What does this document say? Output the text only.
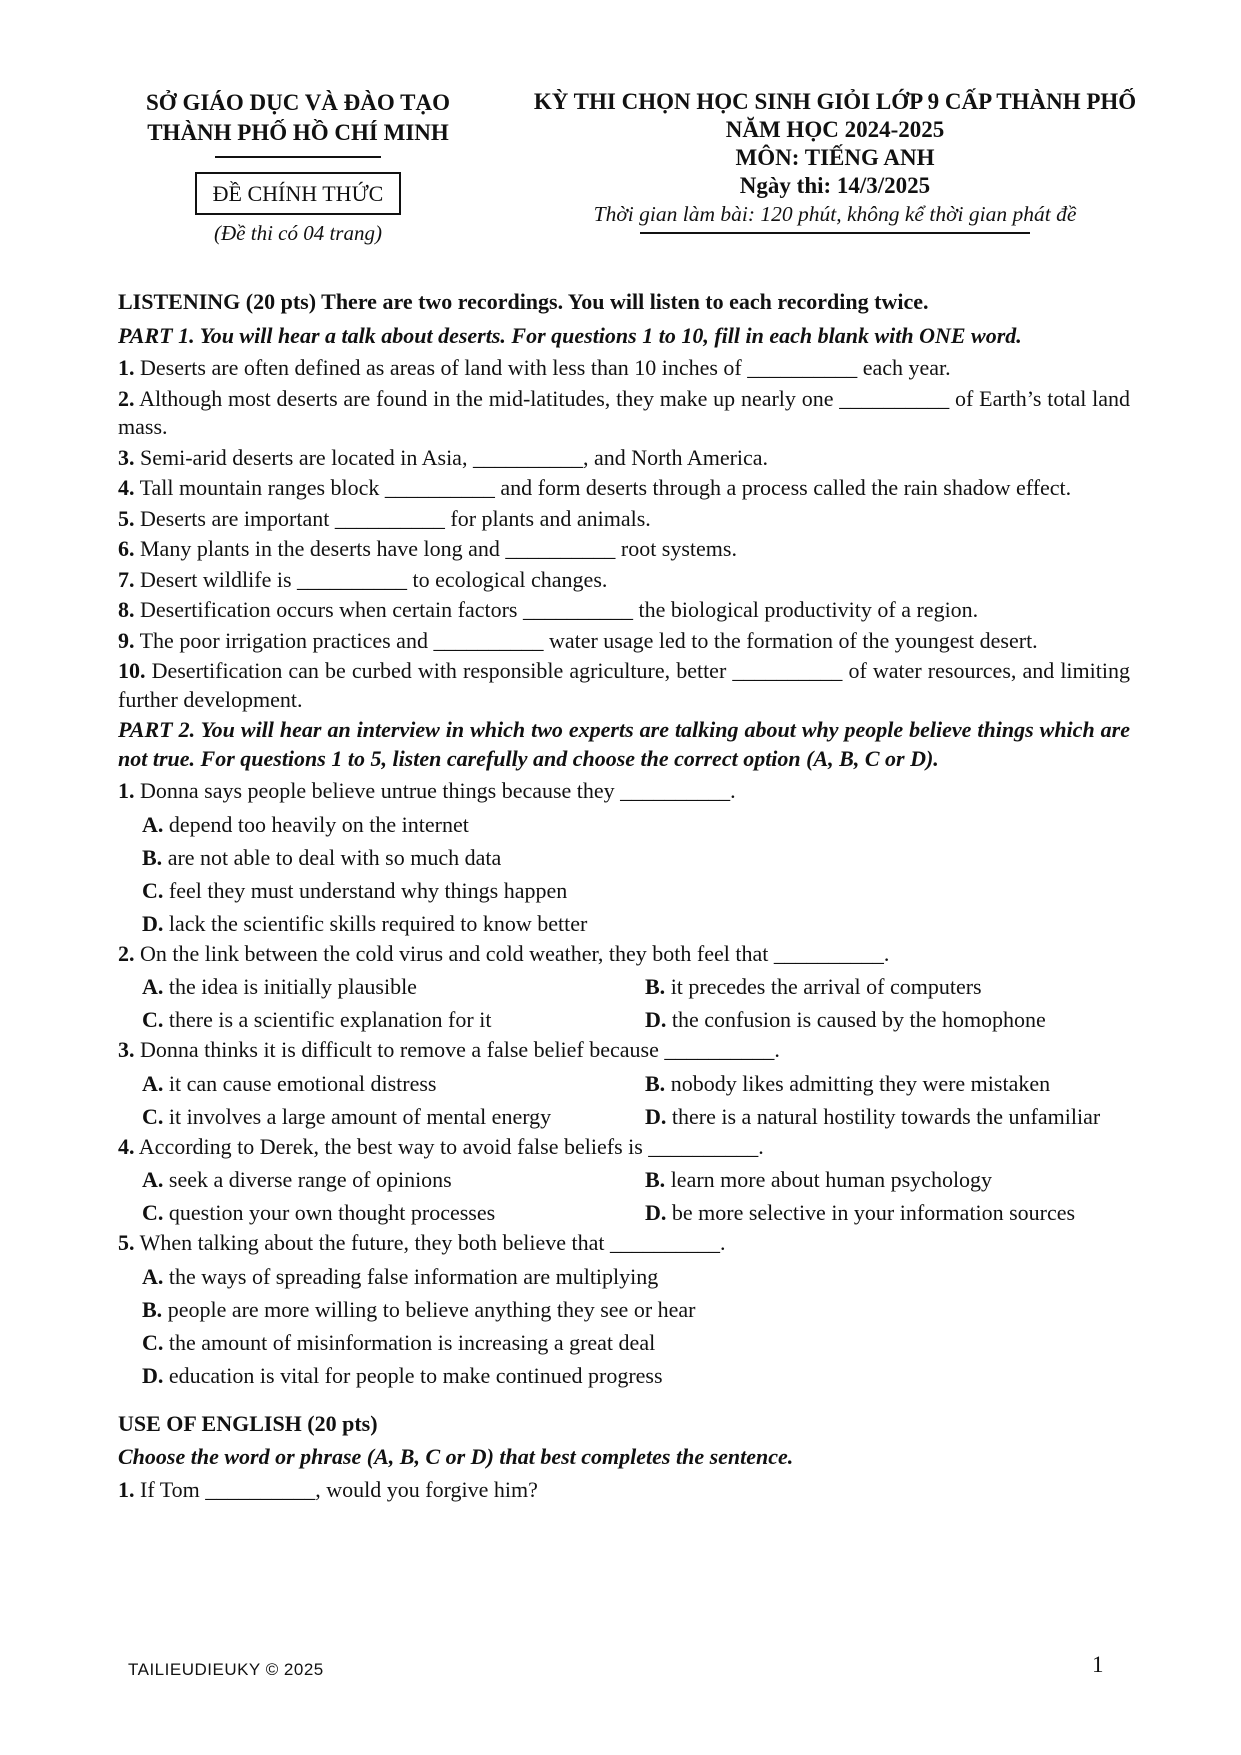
SỞ GIÁO DỤC VÀ ĐÀO TẠO
THÀNH PHỐ HỒ CHÍ MINH
ĐỀ CHÍNH THỨC
(Đề thi có 04 trang)
KỲ THI CHỌN HỌC SINH GIỎI LỚP 9 CẤP THÀNH PHỐ
NĂM HỌC 2024-2025
MÔN: TIẾNG ANH
Ngày thi: 14/3/2025
Thời gian làm bài: 120 phút, không kể thời gian phát đề

LISTENING (20 pts) There are two recordings. You will listen to each recording twice.

PART 1. You will hear a talk about deserts. For questions 1 to 10, fill in each blank with ONE word.

1. Deserts are often defined as areas of land with less than 10 inches of __________ each year.

2. Although most deserts are found in the mid-latitudes, they make up nearly one __________ of Earth’s total land mass.

3. Semi-arid deserts are located in Asia, __________, and North America.

4. Tall mountain ranges block __________ and form deserts through a process called the rain shadow effect.

5. Deserts are important __________ for plants and animals.

6. Many plants in the deserts have long and __________ root systems.

7. Desert wildlife is __________ to ecological changes.

8. Desertification occurs when certain factors __________ the biological productivity of a region.

9. The poor irrigation practices and __________ water usage led to the formation of the youngest desert.

10. Desertification can be curbed with responsible agriculture, better __________ of water resources, and limiting further development.

PART 2. You will hear an interview in which two experts are talking about why people believe things which are not true. For questions 1 to 5, listen carefully and choose the correct option (A, B, C or D).

1. Donna says people believe untrue things because they __________.

A. depend too heavily on the internet

B. are not able to deal with so much data

C. feel they must understand why things happen

D. lack the scientific skills required to know better

2. On the link between the cold virus and cold weather, they both feel that __________.

A. the idea is initially plausible	B. it precedes the arrival of computers
C. there is a scientific explanation for it	D. the confusion is caused by the homophone

3. Donna thinks it is difficult to remove a false belief because __________.

A. it can cause emotional distress	B. nobody likes admitting they were mistaken
C. it involves a large amount of mental energy	D. there is a natural hostility towards the unfamiliar

4. According to Derek, the best way to avoid false beliefs is __________.

A. seek a diverse range of opinions	B. learn more about human psychology
C. question your own thought processes	D. be more selective in your information sources

5. When talking about the future, they both believe that __________.

A. the ways of spreading false information are multiplying

B. people are more willing to believe anything they see or hear

C. the amount of misinformation is increasing a great deal

D. education is vital for people to make continued progress

USE OF ENGLISH (20 pts)

Choose the word or phrase (A, B, C or D) that best completes the sentence.

1. If Tom __________, would you forgive him?

TAILIEUDIEUKY © 2025	1
